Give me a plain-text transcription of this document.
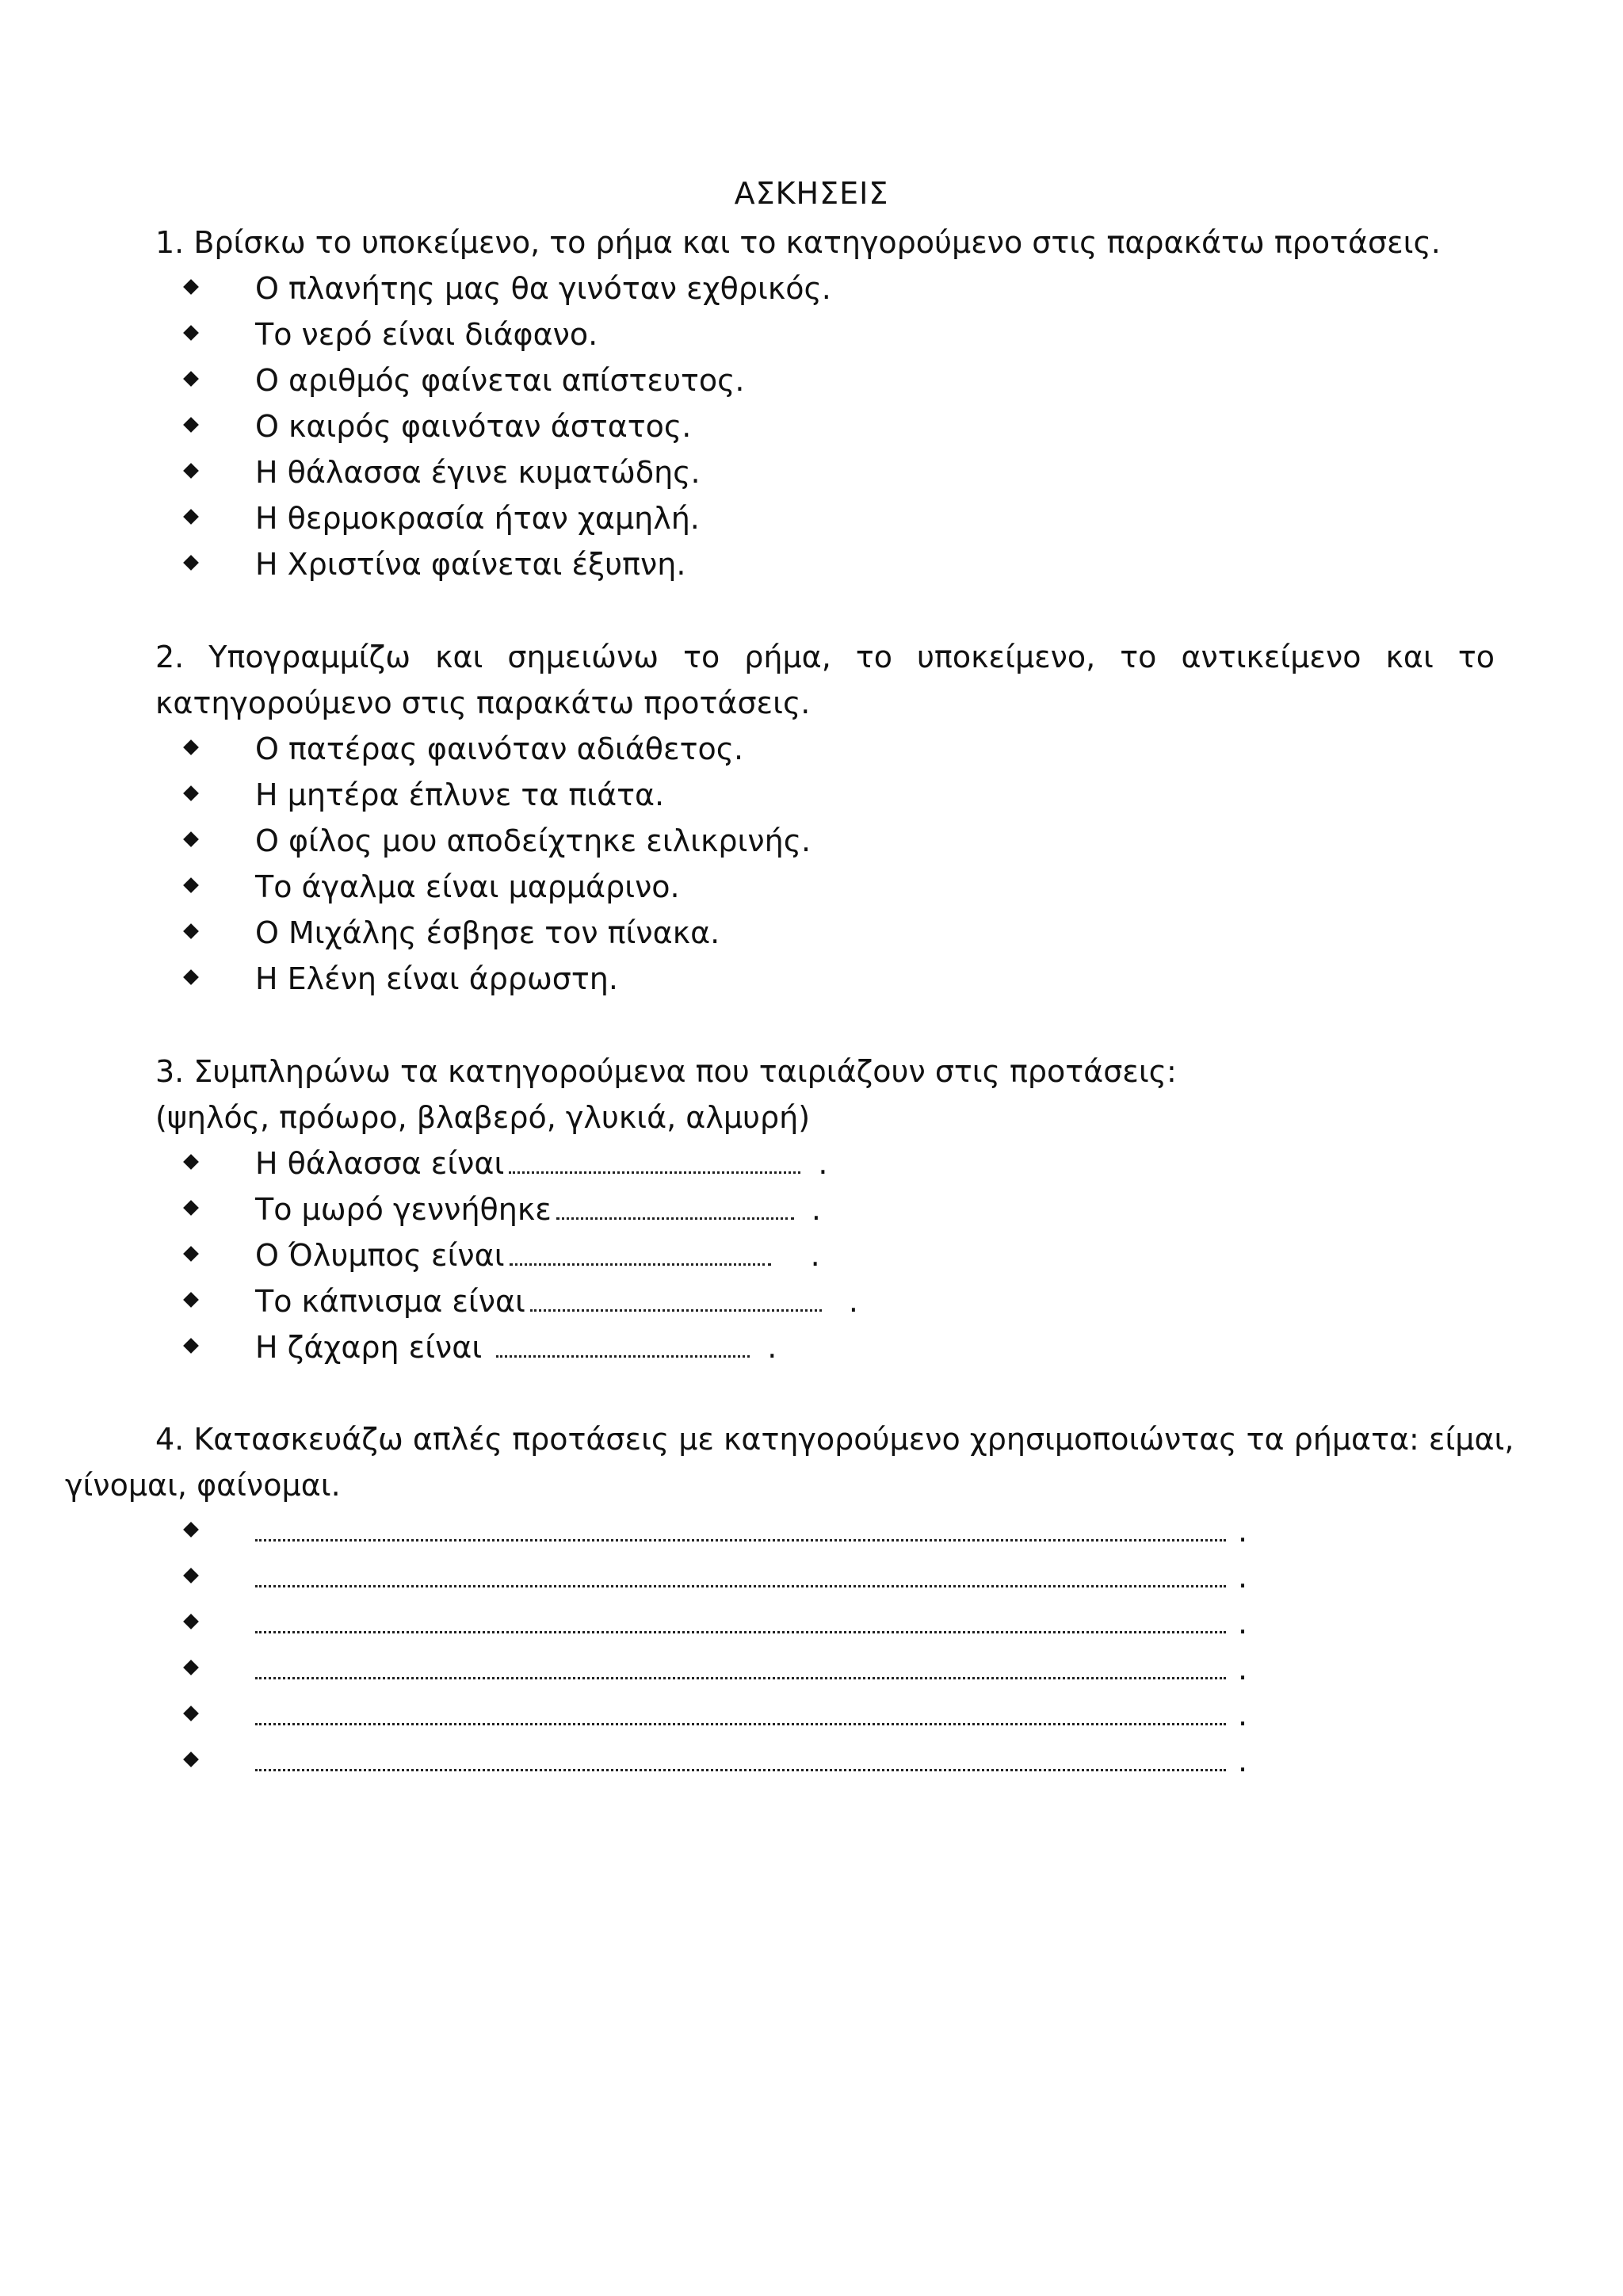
ΑΣΚΗΣΕΙΣ
1. Βρίσκω το υποκείμενο, το ρήμα και το κατηγορούμενο στις παρακάτω προτάσεις.
Ο πλανήτης μας θα γινόταν εχθρικός.
Το νερό είναι διάφανο.
Ο αριθμός φαίνεται απίστευτος.
Ο καιρός φαινόταν άστατος.
Η θάλασσα έγινε κυματώδης.
Η θερμοκρασία ήταν χαμηλή.
Η Χριστίνα φαίνεται έξυπνη.
2. Υπογραμμίζω και σημειώνω το ρήμα, το υποκείμενο, το αντικείμενο και το
κατηγορούμενο στις παρακάτω προτάσεις.
Ο πατέρας φαινόταν αδιάθετος.
Η μητέρα έπλυνε τα πιάτα.
Ο φίλος μου αποδείχτηκε ειλικρινής.
Το άγαλμα είναι μαρμάρινο.
Ο Μιχάλης έσβησε τον πίνακα.
Η Ελένη είναι άρρωστη.
3. Συμπληρώνω τα κατηγορούμενα που ταιριάζουν στις προτάσεις:
(ψηλός, πρόωρο, βλαβερό, γλυκιά, αλμυρή)
Η θάλασσα είναι	.
Το μωρό γεννήθηκε	.
Ο Όλυμπος είναι	.
Το κάπνισμα είναι	.
Η ζάχαρη είναι	.
4. Κατασκευάζω απλές προτάσεις με κατηγορούμενο χρησιμοποιώντας τα ρήματα: είμαι,
γίνομαι, φαίνομαι.
.
.
.
.
.
.
